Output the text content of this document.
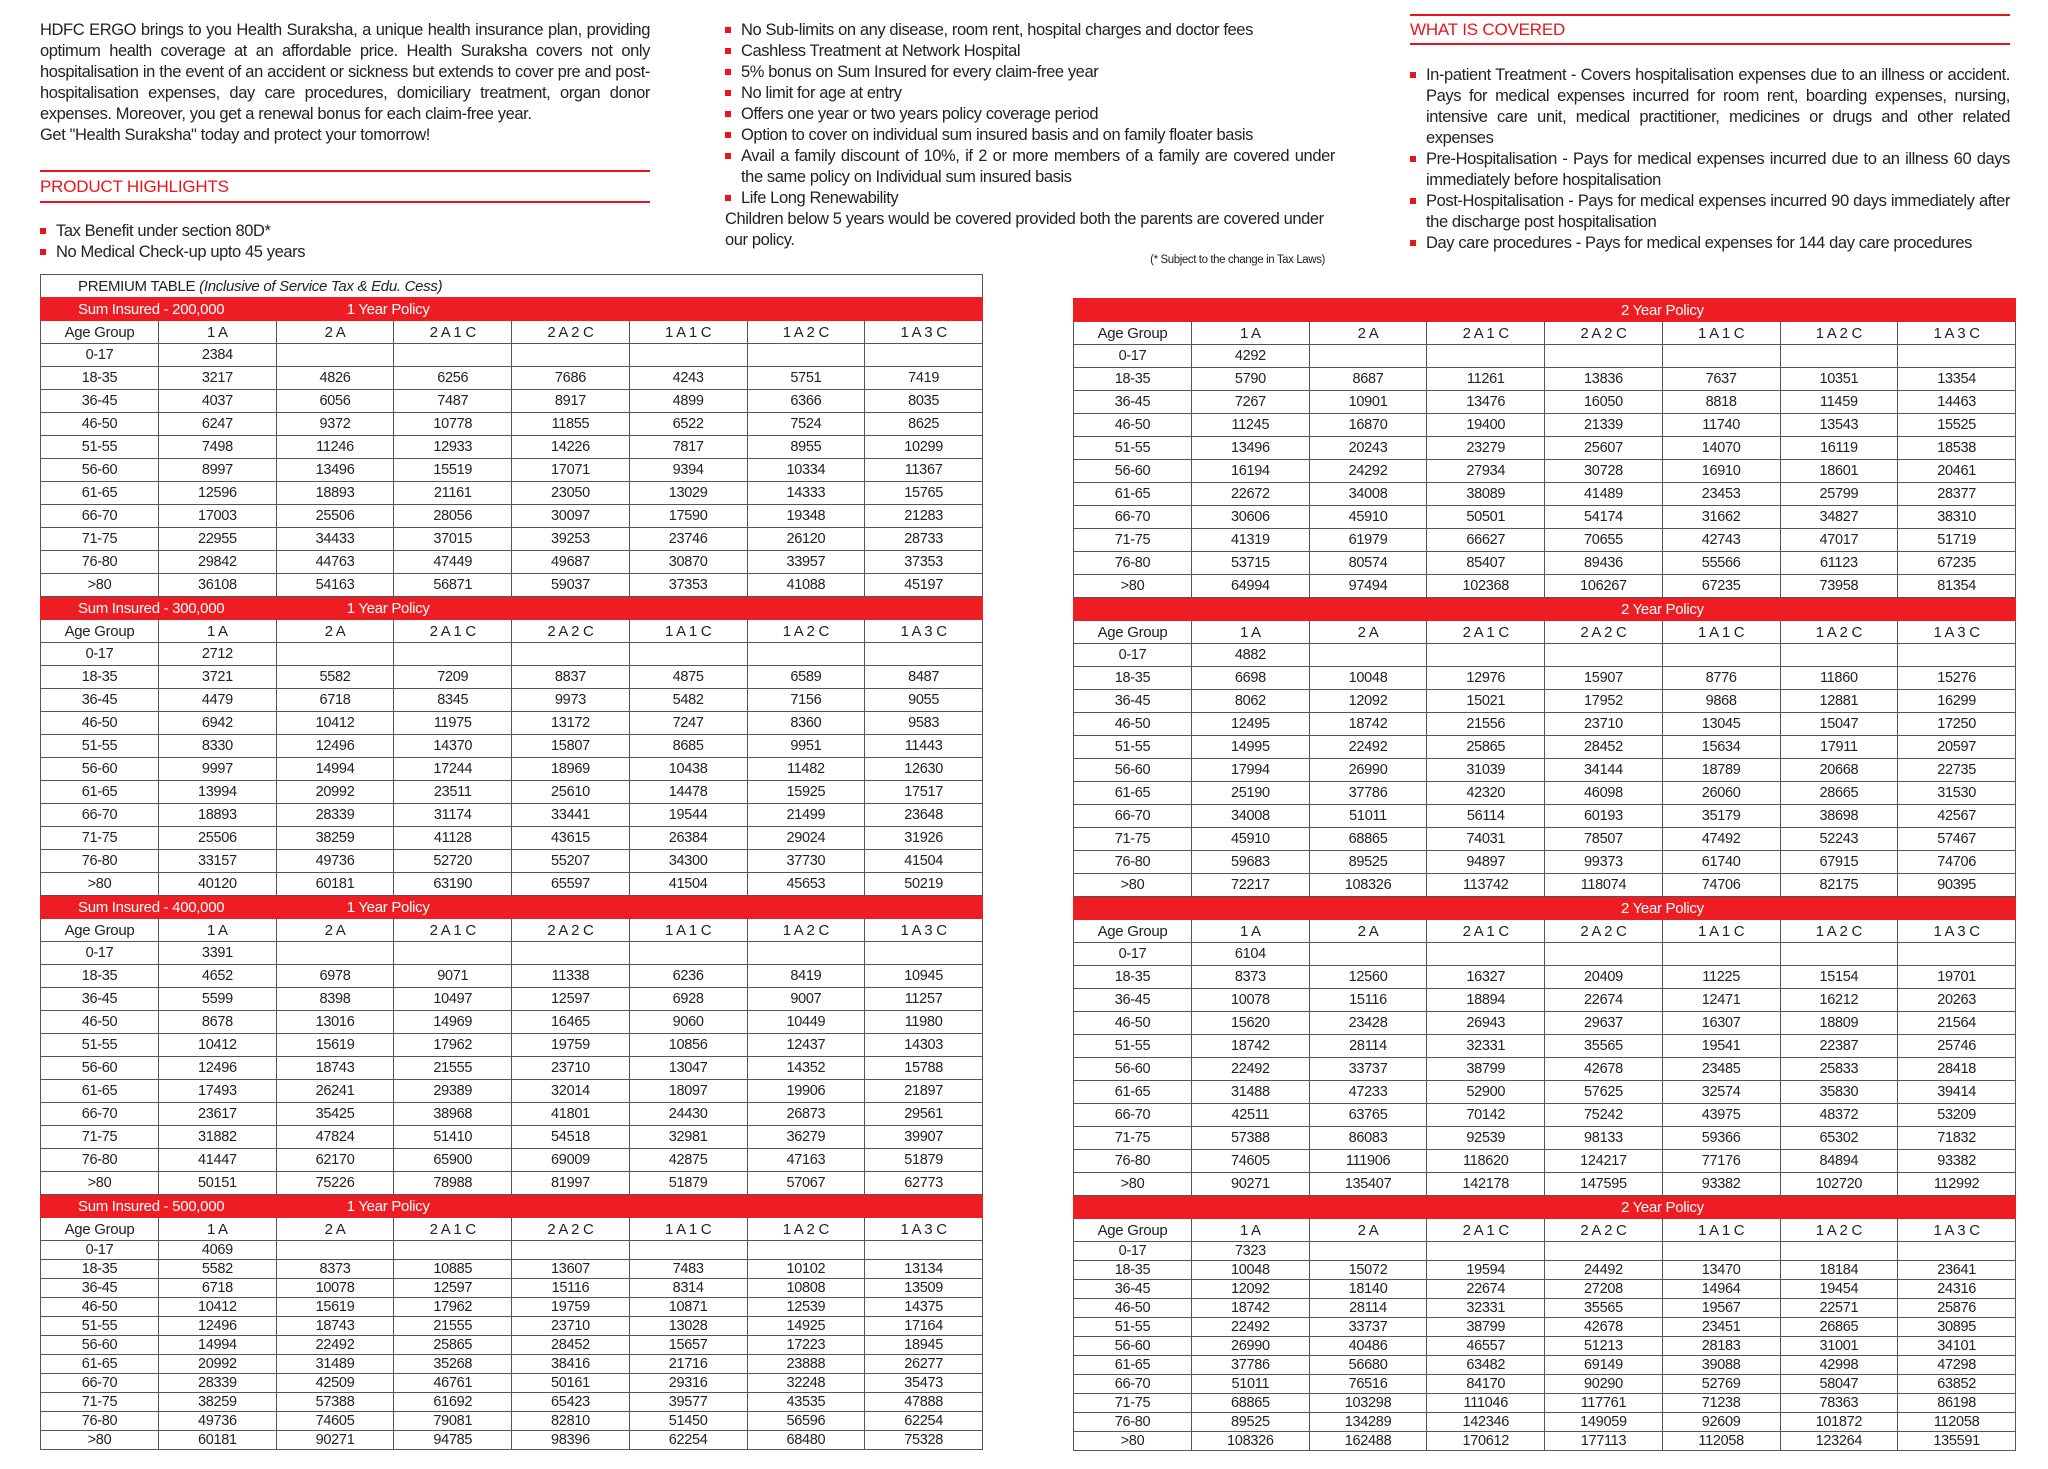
HDFC ERGO brings to you Health Suraksha, a unique health insurance plan, providing optimum health coverage at an affordable price. Health Suraksha covers not only hospitalisation in the event of an accident or sickness but extends to cover pre and post-hospitalisation expenses, day care procedures, domiciliary treatment, organ donor expenses. Moreover, you get a renewal bonus for each claim-free year.

Get "Health Suraksha" today and protect your tomorrow!

PRODUCT HIGHLIGHTS

Tax Benefit under section 80D*
No Medical Check-up upto 45 years
No Sub-limits on any disease, room rent, hospital charges and doctor fees
Cashless Treatment at Network Hospital
5% bonus on Sum Insured for every claim-free year
No limit for age at entry
Offers one year or two years policy coverage period
Option to cover on individual sum insured basis and on family floater basis
Avail a family discount of 10%, if 2 or more members of a family are covered under the same policy on Individual sum insured basis
Life Long Renewability
Children below 5 years would be covered provided both the parents are covered under our policy.
(* Subject to the change in Tax Laws)

WHAT IS COVERED

In-patient Treatment - Covers hospitalisation expenses due to an illness or accident. Pays for medical expenses incurred for room rent, boarding expenses, nursing, intensive care unit, medical practitioner, medicines or drugs and other related expenses
Pre-Hospitalisation - Pays for medical expenses incurred due to an illness 60 days immediately before hospitalisation
Post-Hospitalisation - Pays for medical expenses incurred 90 days immediately after the discharge post hospitalisation
Day care procedures - Pays for medical expenses for 144 day care procedures
PREMIUM TABLE (Inclusive of Service Tax & Edu. Cess)							
Sum Insured - 200,000		1 Year Policy					
Age Group	1 A	2 A	2 A 1 C	2 A 2 C	1 A 1 C	1 A 2 C	1 A 3 C
0-17	2384						
18-35	3217	4826	6256	7686	4243	5751	7419
36-45	4037	6056	7487	8917	4899	6366	8035
46-50	6247	9372	10778	11855	6522	7524	8625
51-55	7498	11246	12933	14226	7817	8955	10299
56-60	8997	13496	15519	17071	9394	10334	11367
61-65	12596	18893	21161	23050	13029	14333	15765
66-70	17003	25506	28056	30097	17590	19348	21283
71-75	22955	34433	37015	39253	23746	26120	28733
76-80	29842	44763	47449	49687	30870	33957	37353
>80	36108	54163	56871	59037	37353	41088	45197
Sum Insured - 300,000		1 Year Policy					
Age Group	1 A	2 A	2 A 1 C	2 A 2 C	1 A 1 C	1 A 2 C	1 A 3 C
0-17	2712						
18-35	3721	5582	7209	8837	4875	6589	8487
36-45	4479	6718	8345	9973	5482	7156	9055
46-50	6942	10412	11975	13172	7247	8360	9583
51-55	8330	12496	14370	15807	8685	9951	11443
56-60	9997	14994	17244	18969	10438	11482	12630
61-65	13994	20992	23511	25610	14478	15925	17517
66-70	18893	28339	31174	33441	19544	21499	23648
71-75	25506	38259	41128	43615	26384	29024	31926
76-80	33157	49736	52720	55207	34300	37730	41504
>80	40120	60181	63190	65597	41504	45653	50219
Sum Insured - 400,000		1 Year Policy					
Age Group	1 A	2 A	2 A 1 C	2 A 2 C	1 A 1 C	1 A 2 C	1 A 3 C
0-17	3391						
18-35	4652	6978	9071	11338	6236	8419	10945
36-45	5599	8398	10497	12597	6928	9007	11257
46-50	8678	13016	14969	16465	9060	10449	11980
51-55	10412	15619	17962	19759	10856	12437	14303
56-60	12496	18743	21555	23710	13047	14352	15788
61-65	17493	26241	29389	32014	18097	19906	21897
66-70	23617	35425	38968	41801	24430	26873	29561
71-75	31882	47824	51410	54518	32981	36279	39907
76-80	41447	62170	65900	69009	42875	47163	51879
>80	50151	75226	78988	81997	51879	57067	62773
Sum Insured - 500,000		1 Year Policy					
Age Group	1 A	2 A	2 A 1 C	2 A 2 C	1 A 1 C	1 A 2 C	1 A 3 C
0-17	4069						
18-35	5582	8373	10885	13607	7483	10102	13134
36-45	6718	10078	12597	15116	8314	10808	13509
46-50	10412	15619	17962	19759	10871	12539	14375
51-55	12496	18743	21555	23710	13028	14925	17164
56-60	14994	22492	25865	28452	15657	17223	18945
61-65	20992	31489	35268	38416	21716	23888	26277
66-70	28339	42509	46761	50161	29316	32248	35473
71-75	38259	57388	61692	65423	39577	43535	47888
76-80	49736	74605	79081	82810	51450	56596	62254
>80	60181	90271	94785	98396	62254	68480	75328
		2 Year Policy					
Age Group	1 A	2 A	2 A 1 C	2 A 2 C	1 A 1 C	1 A 2 C	1 A 3 C
0-17	4292						
18-35	5790	8687	11261	13836	7637	10351	13354
36-45	7267	10901	13476	16050	8818	11459	14463
46-50	11245	16870	19400	21339	11740	13543	15525
51-55	13496	20243	23279	25607	14070	16119	18538
56-60	16194	24292	27934	30728	16910	18601	20461
61-65	22672	34008	38089	41489	23453	25799	28377
66-70	30606	45910	50501	54174	31662	34827	38310
71-75	41319	61979	66627	70655	42743	47017	51719
76-80	53715	80574	85407	89436	55566	61123	67235
>80	64994	97494	102368	106267	67235	73958	81354
		2 Year Policy					
Age Group	1 A	2 A	2 A 1 C	2 A 2 C	1 A 1 C	1 A 2 C	1 A 3 C
0-17	4882						
18-35	6698	10048	12976	15907	8776	11860	15276
36-45	8062	12092	15021	17952	9868	12881	16299
46-50	12495	18742	21556	23710	13045	15047	17250
51-55	14995	22492	25865	28452	15634	17911	20597
56-60	17994	26990	31039	34144	18789	20668	22735
61-65	25190	37786	42320	46098	26060	28665	31530
66-70	34008	51011	56114	60193	35179	38698	42567
71-75	45910	68865	74031	78507	47492	52243	57467
76-80	59683	89525	94897	99373	61740	67915	74706
>80	72217	108326	113742	118074	74706	82175	90395
		2 Year Policy					
Age Group	1 A	2 A	2 A 1 C	2 A 2 C	1 A 1 C	1 A 2 C	1 A 3 C
0-17	6104						
18-35	8373	12560	16327	20409	11225	15154	19701
36-45	10078	15116	18894	22674	12471	16212	20263
46-50	15620	23428	26943	29637	16307	18809	21564
51-55	18742	28114	32331	35565	19541	22387	25746
56-60	22492	33737	38799	42678	23485	25833	28418
61-65	31488	47233	52900	57625	32574	35830	39414
66-70	42511	63765	70142	75242	43975	48372	53209
71-75	57388	86083	92539	98133	59366	65302	71832
76-80	74605	111906	118620	124217	77176	84894	93382
>80	90271	135407	142178	147595	93382	102720	112992
		2 Year Policy					
Age Group	1 A	2 A	2 A 1 C	2 A 2 C	1 A 1 C	1 A 2 C	1 A 3 C
0-17	7323						
18-35	10048	15072	19594	24492	13470	18184	23641
36-45	12092	18140	22674	27208	14964	19454	24316
46-50	18742	28114	32331	35565	19567	22571	25876
51-55	22492	33737	38799	42678	23451	26865	30895
56-60	26990	40486	46557	51213	28183	31001	34101
61-65	37786	56680	63482	69149	39088	42998	47298
66-70	51011	76516	84170	90290	52769	58047	63852
71-75	68865	103298	111046	117761	71238	78363	86198
76-80	89525	134289	142346	149059	92609	101872	112058
>80	108326	162488	170612	177113	112058	123264	135591
